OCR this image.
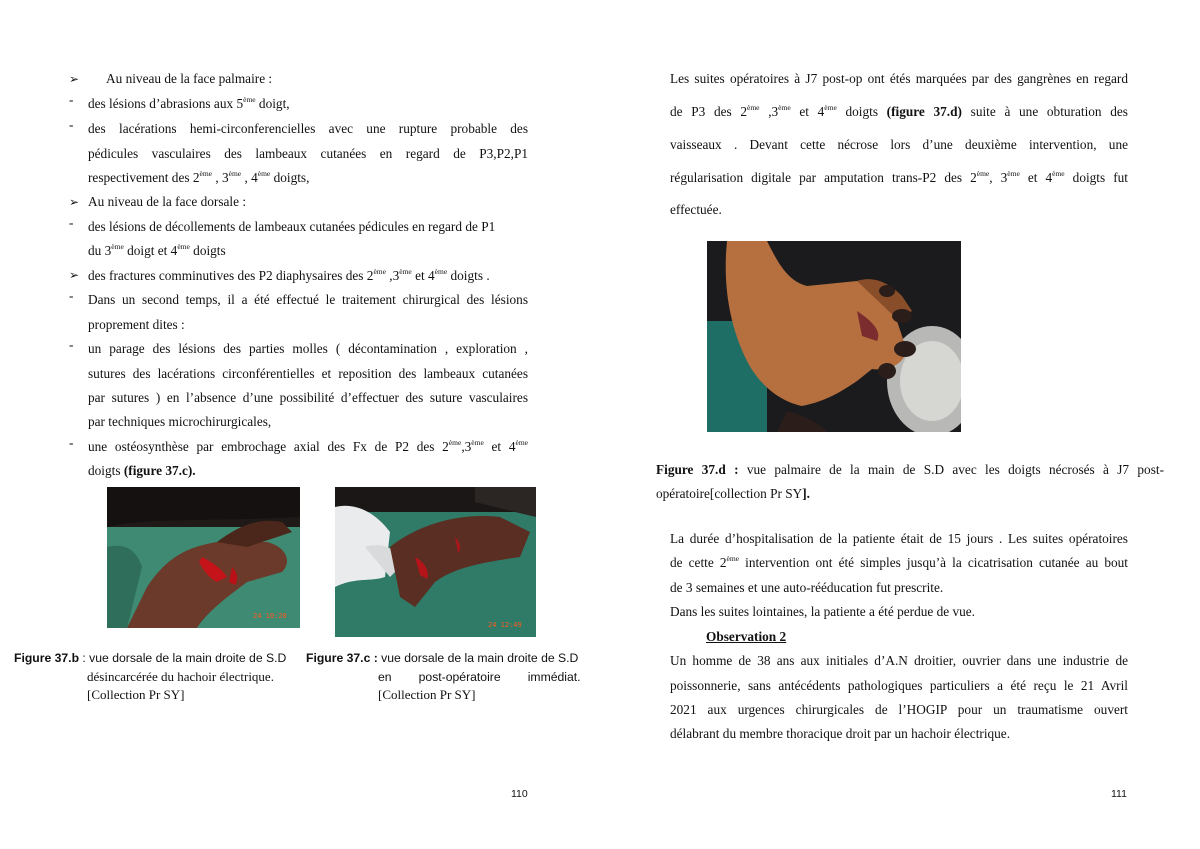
➢ Au niveau de la face palmaire :
- des lésions d’abrasions aux 5ème doigt,
- des lacérations hemi-circonferencielles avec une rupture probable des
pédicules vasculaires des lambeaux cutanées en regard de P3,P2,P1
respectivement des 2ème , 3ème , 4ème doigts,
➢ Au niveau de la face dorsale :
- des lésions de décollements de lambeaux cutanées pédicules en regard de P1
du 3ème doigt et 4ème doigts
➢ des fractures comminutives des P2 diaphysaires des 2ème ,3ème et 4ème doigts .
- Dans un second temps, il a été effectué le traitement chirurgical des lésions
proprement dites :
- un parage des lésions des parties molles ( décontamination , exploration ,
sutures des lacérations circonférentielles et reposition des lambeaux cutanées
par sutures ) en l’absence d’une possibilité d’effectuer des suture vasculaires
par techniques microchirurgicales,
- une ostéosynthèse par embrochage axial des Fx de P2 des 2ème,3ème et 4ème
doigts (figure 37.c).
24 10:20
24 12:49
Figure 37.b : vue dorsale de la main droite de S.D
désincarcérée du hachoir électrique.
[Collection Pr SY]
Figure 37.c : vue dorsale de la main droite de S.D
en        post-opératoire        immédiat.
[Collection Pr SY]
110
Les suites opératoires à J7 post-op ont étés marquées par des gangrènes en regard
de P3 des 2ème ,3ème et 4ème doigts (figure 37.d) suite à une obturation des
vaisseaux . Devant cette nécrose lors d’une deuxième intervention, une
régularisation digitale par amputation trans-P2 des 2ème, 3ème et 4ème doigts fut
effectuée.
Figure 37.d : vue palmaire de la main de S.D avec les doigts nécrosés à J7 post-
opératoire[collection Pr SY].
La durée d’hospitalisation de la patiente était de 15 jours . Les suites opératoires
de cette 2ème intervention ont été simples jusqu’à la cicatrisation cutanée au bout
de 3 semaines et une auto-rééducation fut prescrite.
Dans les suites lointaines, la patiente a été perdue de vue.
Observation 2
Un homme de 38 ans aux initiales d’A.N droitier, ouvrier dans une industrie de
poissonnerie, sans antécédents pathologiques particuliers a été reçu le 21 Avril
2021 aux urgences chirurgicales de l’HOGIP pour un traumatisme ouvert
délabrant du membre thoracique droit par un hachoir électrique.
111
